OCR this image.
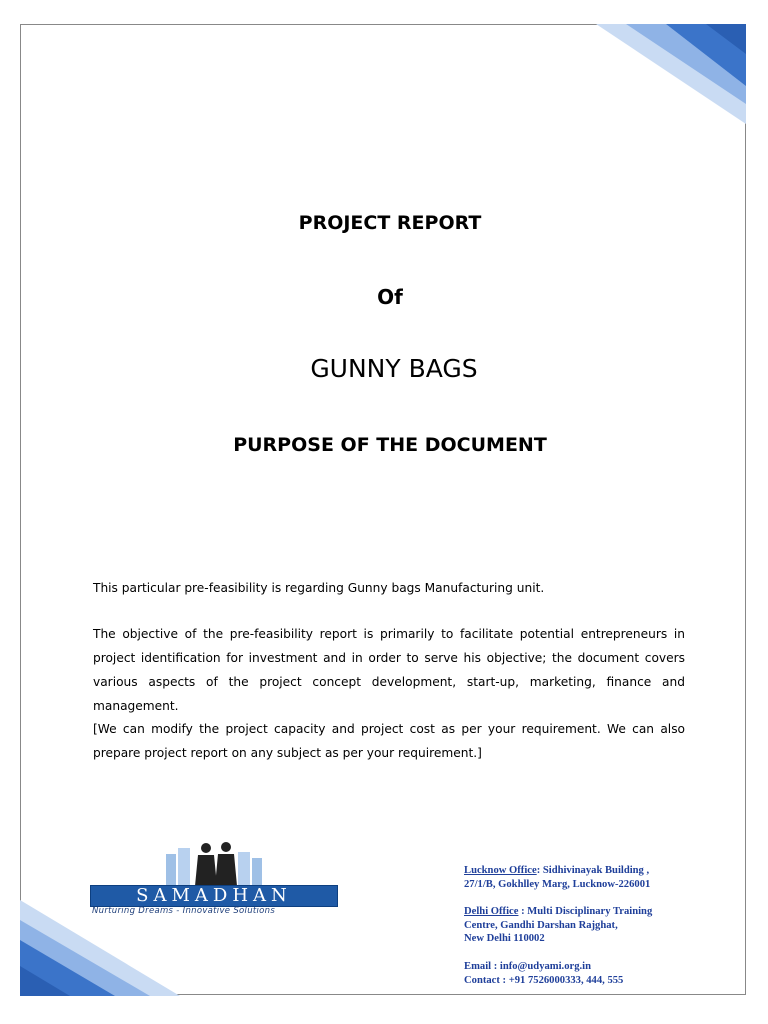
PROJECT REPORT
Of
GUNNY BAGS
PURPOSE OF THE DOCUMENT

This particular pre-feasibility is regarding Gunny bags Manufacturing unit.

The objective of the pre-feasibility report is primarily to facilitate potential entrepreneurs in project identification for investment and in order to serve his objective; the document covers various aspects of the project concept development, start-up, marketing, finance and management.

[We can modify the project capacity and project cost as per your requirement. We can also prepare project report on any subject as per your requirement.]

SAMADHAN
Nurturing Dreams - Innovative Solutions
Lucknow Office: Sidhivinayak Building ,
27/1/B, Gokhlley Marg, Lucknow-226001
Delhi Office : Multi Disciplinary Training
Centre, Gandhi Darshan Rajghat,
New Delhi 110002
Email : info@udyami.org.in
Contact : +91 7526000333, 444, 555
